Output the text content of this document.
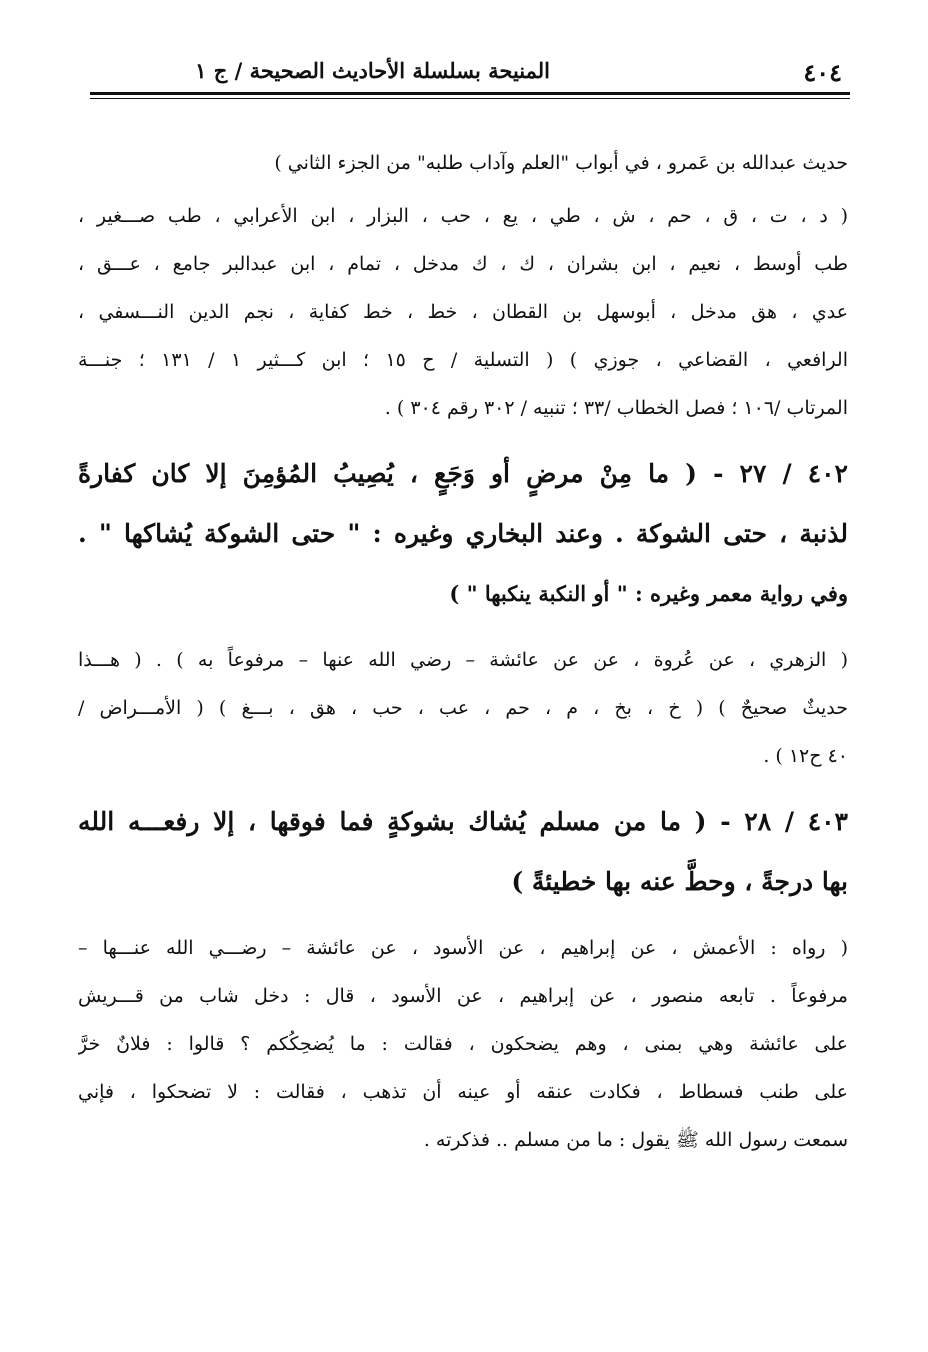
٤٠٤
المنيحة بسلسلة الأحاديث الصحيحة / ج ١
حديث عبدالله بن عَمرو ، في أبواب "العلم وآداب طلبه" من الجزء الثاني )
( د ، ت ، ق ، حم ، ش ، طي ، يع ، حب ، البزار ، ابن الأعرابي ، طب صـــغير ،
طب أوسط ، نعيم ، ابن بشران ، ك ، ك مدخل ، تمام ، ابن عبدالبر جامع ، عـــق ،
عدي ، هق مدخل ، أبوسهل بن القطان ، خط ، خط كفاية ، نجم الدين النـــسفي ،
الرافعي ، القضاعي ، جوزي ) ( التسلية / ح ١٥ ؛ ابن كـــثير ١ / ١٣١ ؛ جنـــة
المرتاب /١٠٦ ؛ فصل الخطاب /٣٣ ؛ تنبيه / ٣٠٢ رقم ٣٠٤ ) .
٤٠٢ / ٢٧ - ( ما مِنْ مرضٍ أو وَجَعٍ ، يُصِيبُ المُؤمِنَ إلا كان كفارةً
لذنبة ، حتى الشوكة . وعند البخاري وغيره : " حتى الشوكة يُشاكها " .
وفي رواية معمر وغيره : " أو النكبة ينكبها " )
( الزهري ، عن عُروة ، عن عن عائشة – رضي الله عنها – مرفوعاً به ) . ( هـــذا
حديثٌ صحيحٌ ) ( خ ، بخ ، م ، حم ، عب ، حب ، هق ، بـــغ ) ( الأمـــراض /
٤٠ ح١٢ ) .
٤٠٣ / ٢٨ - ( ما من مسلم يُشاك بشوكةٍ فما فوقها ، إلا رفعـــه الله
بها درجةً ، وحطَّ عنه بها خطيئةً )
( رواه : الأعمش ، عن إبراهيم ، عن الأسود ، عن عائشة – رضـــي الله عنـــها –
مرفوعاً . تابعه منصور ، عن إبراهيم ، عن الأسود ، قال : دخل شاب من قـــريش
على عائشة وهي بمنى ، وهم يضحكون ، فقالت : ما يُضحِكُكم ؟ قالوا : فلانٌ خرَّ
على طنب فسطاط ، فكادت عنقه أو عينه أن تذهب ، فقالت : لا تضحكوا ، فإني
سمعت رسول الله ﷺ يقول : ما من مسلم .. فذكرته .
